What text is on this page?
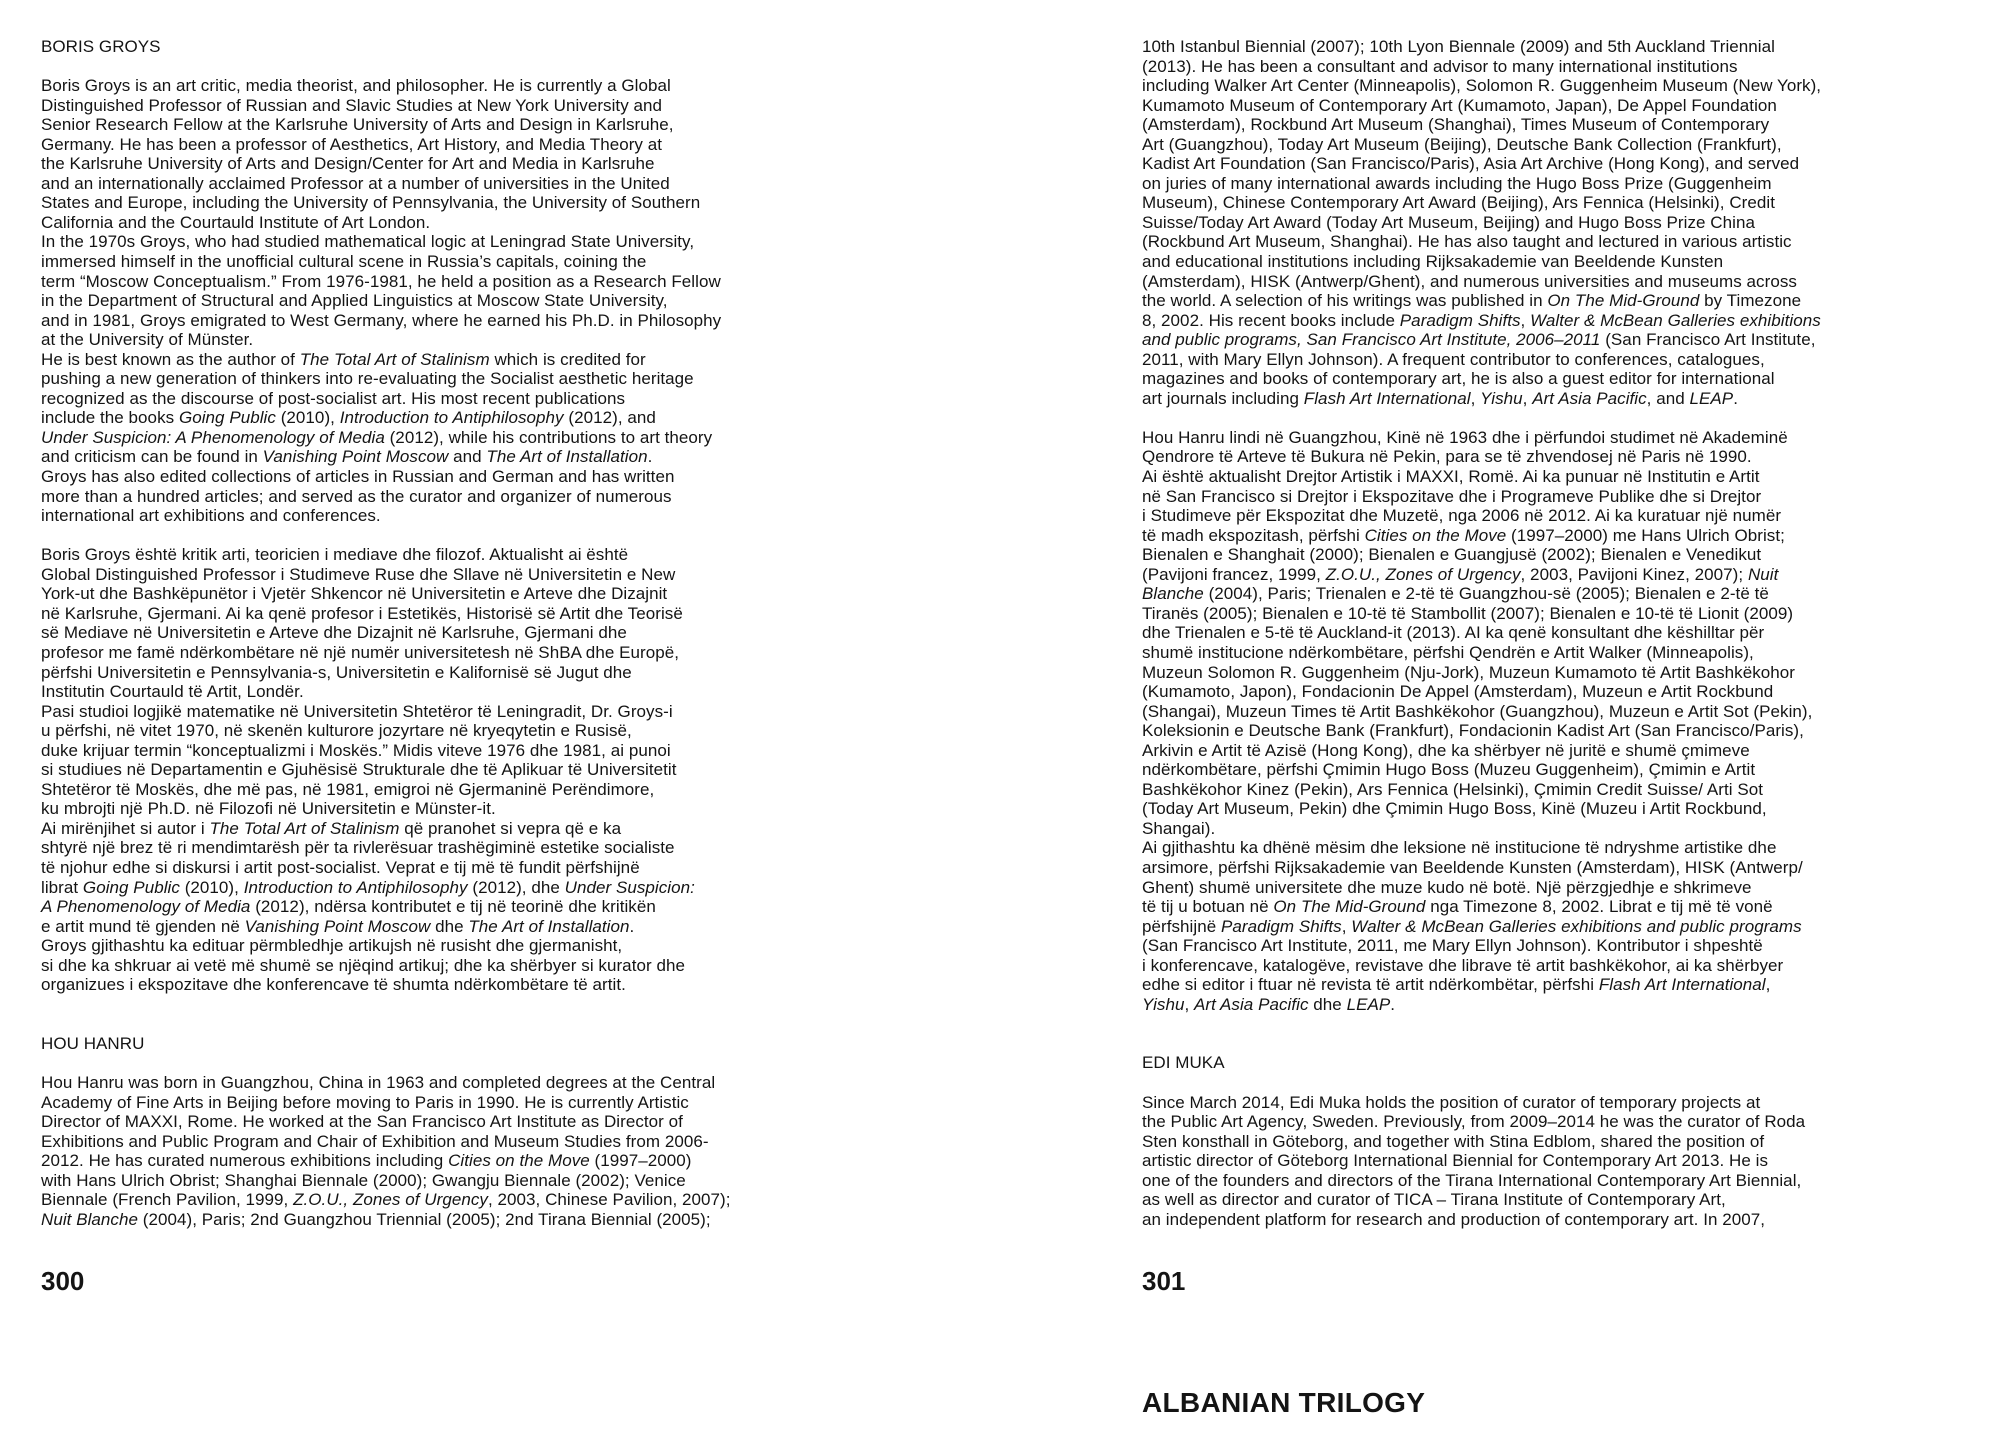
BORIS GROYS
Boris Groys is an art critic, media theorist, and philosopher. He is currently a Global
Distinguished Professor of Russian and Slavic Studies at New York University and
Senior Research Fellow at the Karlsruhe University of Arts and Design in Karlsruhe,
Germany. He has been a professor of Aesthetics, Art History, and Media Theory at
the Karlsruhe University of Arts and Design/Center for Art and Media in Karlsruhe
and an internationally acclaimed Professor at a number of universities in the United
States and Europe, including the University of Pennsylvania, the University of Southern
California and the Courtauld Institute of Art London.
In the 1970s Groys, who had studied mathematical logic at Leningrad State University,
immersed himself in the unofficial cultural scene in Russia’s capitals, coining the
term “Moscow Conceptualism.” From 1976-1981, he held a position as a Research Fellow
in the Department of Structural and Applied Linguistics at Moscow State University,
and in 1981, Groys emigrated to West Germany, where he earned his Ph.D. in Philosophy
at the University of Münster.
He is best known as the author of The Total Art of Stalinism which is credited for
pushing a new generation of thinkers into re-evaluating the Socialist aesthetic heritage
recognized as the discourse of post-socialist art. His most recent publications
include the books Going Public (2010), Introduction to Antiphilosophy (2012), and
Under Suspicion: A Phenomenology of Media (2012), while his contributions to art theory
and criticism can be found in Vanishing Point Moscow and The Art of Installation.
Groys has also edited collections of articles in Russian and German and has written
more than a hundred articles; and served as the curator and organizer of numerous
international art exhibitions and conferences.
Boris Groys është kritik arti, teoricien i mediave dhe filozof. Aktualisht ai është
Global Distinguished Professor i Studimeve Ruse dhe Sllave në Universitetin e New
York-ut dhe Bashkëpunëtor i Vjetër Shkencor në Universitetin e Arteve dhe Dizajnit
në Karlsruhe, Gjermani. Ai ka qenë profesor i Estetikës, Historisë së Artit dhe Teorisë
së Mediave në Universitetin e Arteve dhe Dizajnit në Karlsruhe, Gjermani dhe
profesor me famë ndërkombëtare në një numër universitetesh në ShBA dhe Europë,
përfshi Universitetin e Pennsylvania-s, Universitetin e Kalifornisë së Jugut dhe
Institutin Courtauld të Artit, Londër.
Pasi studioi logjikë matematike në Universitetin Shtetëror të Leningradit, Dr. Groys-i
u përfshi, në vitet 1970, në skenën kulturore jozyrtare në kryeqytetin e Rusisë,
duke krijuar termin “konceptualizmi i Moskës.” Midis viteve 1976 dhe 1981, ai punoi
si studiues në Departamentin e Gjuhësisë Strukturale dhe të Aplikuar të Universitetit
Shtetëror të Moskës, dhe më pas, në 1981, emigroi në Gjermaninë Perëndimore,
ku mbrojti një Ph.D. në Filozofi në Universitetin e Münster-it.
Ai mirënjihet si autor i The Total Art of Stalinism që pranohet si vepra që e ka
shtyrë një brez të ri mendimtarësh për ta rivlerësuar trashëgiminë estetike socialiste
të njohur edhe si diskursi i artit post-socialist. Veprat e tij më të fundit përfshijnë
librat Going Public (2010), Introduction to Antiphilosophy (2012), dhe Under Suspicion:
A Phenomenology of Media (2012), ndërsa kontributet e tij në teorinë dhe kritikën
e artit mund të gjenden në Vanishing Point Moscow dhe The Art of Installation.
Groys gjithashtu ka edituar përmbledhje artikujsh në rusisht dhe gjermanisht,
si dhe ka shkruar ai vetë më shumë se njëqind artikuj; dhe ka shërbyer si kurator dhe
organizues i ekspozitave dhe konferencave të shumta ndërkombëtare të artit.
HOU HANRU
Hou Hanru was born in Guangzhou, China in 1963 and completed degrees at the Central
Academy of Fine Arts in Beijing before moving to Paris in 1990. He is currently Artistic
Director of MAXXI, Rome. He worked at the San Francisco Art Institute as Director of
Exhibitions and Public Program and Chair of Exhibition and Museum Studies from 2006-
2012. He has curated numerous exhibitions including Cities on the Move (1997–2000)
with Hans Ulrich Obrist; Shanghai Biennale (2000); Gwangju Biennale (2002); Venice
Biennale (French Pavilion, 1999, Z.O.U., Zones of Urgency, 2003, Chinese Pavilion, 2007);
Nuit Blanche (2004), Paris; 2nd Guangzhou Triennial (2005); 2nd Tirana Biennial (2005);
10th Istanbul Biennial (2007); 10th Lyon Biennale (2009) and 5th Auckland Triennial
(2013). He has been a consultant and advisor to many international institutions
including Walker Art Center (Minneapolis), Solomon R. Guggenheim Museum (New York),
Kumamoto Museum of Contemporary Art (Kumamoto, Japan), De Appel Foundation
(Amsterdam), Rockbund Art Museum (Shanghai), Times Museum of Contemporary
Art (Guangzhou), Today Art Museum (Beijing), Deutsche Bank Collection (Frankfurt),
Kadist Art Foundation (San Francisco/Paris), Asia Art Archive (Hong Kong), and served
on juries of many international awards including the Hugo Boss Prize (Guggenheim
Museum), Chinese Contemporary Art Award (Beijing), Ars Fennica (Helsinki), Credit
Suisse/Today Art Award (Today Art Museum, Beijing) and Hugo Boss Prize China
(Rockbund Art Museum, Shanghai). He has also taught and lectured in various artistic
and educational institutions including Rijksakademie van Beeldende Kunsten
(Amsterdam), HISK (Antwerp/Ghent), and numerous universities and museums across
the world. A selection of his writings was published in On The Mid-Ground by Timezone
8, 2002. His recent books include Paradigm Shifts, Walter & McBean Galleries exhibitions
and public programs, San Francisco Art Institute, 2006–2011 (San Francisco Art Institute,
2011, with Mary Ellyn Johnson). A frequent contributor to conferences, catalogues,
magazines and books of contemporary art, he is also a guest editor for international
art journals including Flash Art International, Yishu, Art Asia Pacific, and LEAP.
Hou Hanru lindi në Guangzhou, Kinë në 1963 dhe i përfundoi studimet në Akademinë
Qendrore të Arteve të Bukura në Pekin, para se të zhvendosej në Paris në 1990.
Ai është aktualisht Drejtor Artistik i MAXXI, Romë. Ai ka punuar në Institutin e Artit
në San Francisco si Drejtor i Ekspozitave dhe i Programeve Publike dhe si Drejtor
i Studimeve për Ekspozitat dhe Muzetë, nga 2006 në 2012. Ai ka kuratuar një numër
të madh ekspozitash, përfshi Cities on the Move (1997–2000) me Hans Ulrich Obrist;
Bienalen e Shanghait (2000); Bienalen e Guangjusë (2002); Bienalen e Venedikut
(Pavijoni francez, 1999, Z.O.U., Zones of Urgency, 2003, Pavijoni Kinez, 2007); Nuit
Blanche (2004), Paris; Trienalen e 2-të të Guangzhou-së (2005); Bienalen e 2-të të
Tiranës (2005); Bienalen e 10-të të Stambollit (2007); Bienalen e 10-të të Lionit (2009)
dhe Trienalen e 5-të të Auckland-it (2013). AI ka qenë konsultant dhe këshilltar për
shumë institucione ndërkombëtare, përfshi Qendrën e Artit Walker (Minneapolis),
Muzeun Solomon R. Guggenheim (Nju-Jork), Muzeun Kumamoto të Artit Bashkëkohor
(Kumamoto, Japon), Fondacionin De Appel (Amsterdam), Muzeun e Artit Rockbund
(Shangai), Muzeun Times të Artit Bashkëkohor (Guangzhou), Muzeun e Artit Sot (Pekin),
Koleksionin e Deutsche Bank (Frankfurt), Fondacionin Kadist Art (San Francisco/Paris),
Arkivin e Artit të Azisë (Hong Kong), dhe ka shërbyer në juritë e shumë çmimeve
ndërkombëtare, përfshi Çmimin Hugo Boss (Muzeu Guggenheim), Çmimin e Artit
Bashkëkohor Kinez (Pekin), Ars Fennica (Helsinki), Çmimin Credit Suisse/ Arti Sot
(Today Art Museum, Pekin) dhe Çmimin Hugo Boss, Kinë (Muzeu i Artit Rockbund,
Shangai).
Ai gjithashtu ka dhënë mësim dhe leksione në institucione të ndryshme artistike dhe
arsimore, përfshi Rijksakademie van Beeldende Kunsten (Amsterdam), HISK (Antwerp/
Ghent) shumë universitete dhe muze kudo në botë. Një përzgjedhje e shkrimeve
të tij u botuan në On The Mid-Ground nga Timezone 8, 2002. Librat e tij më të vonë
përfshijnë Paradigm Shifts, Walter & McBean Galleries exhibitions and public programs
(San Francisco Art Institute, 2011, me Mary Ellyn Johnson). Kontributor i shpeshtë
i konferencave, katalogëve, revistave dhe librave të artit bashkëkohor, ai ka shërbyer
edhe si editor i ftuar në revista të artit ndërkombëtar, përfshi Flash Art International,
Yishu, Art Asia Pacific dhe LEAP.
EDI MUKA
Since March 2014, Edi Muka holds the position of curator of temporary projects at
the Public Art Agency, Sweden. Previously, from 2009–2014 he was the curator of Roda
Sten konsthall in Göteborg, and together with Stina Edblom, shared the position of
artistic director of Göteborg International Biennial for Contemporary Art 2013. He is
one of the founders and directors of the Tirana International Contemporary Art Biennial,
as well as director and curator of TICA – Tirana Institute of Contemporary Art,
an independent platform for research and production of contemporary art. In 2007,
300	301
ALBANIAN TRILOGY
